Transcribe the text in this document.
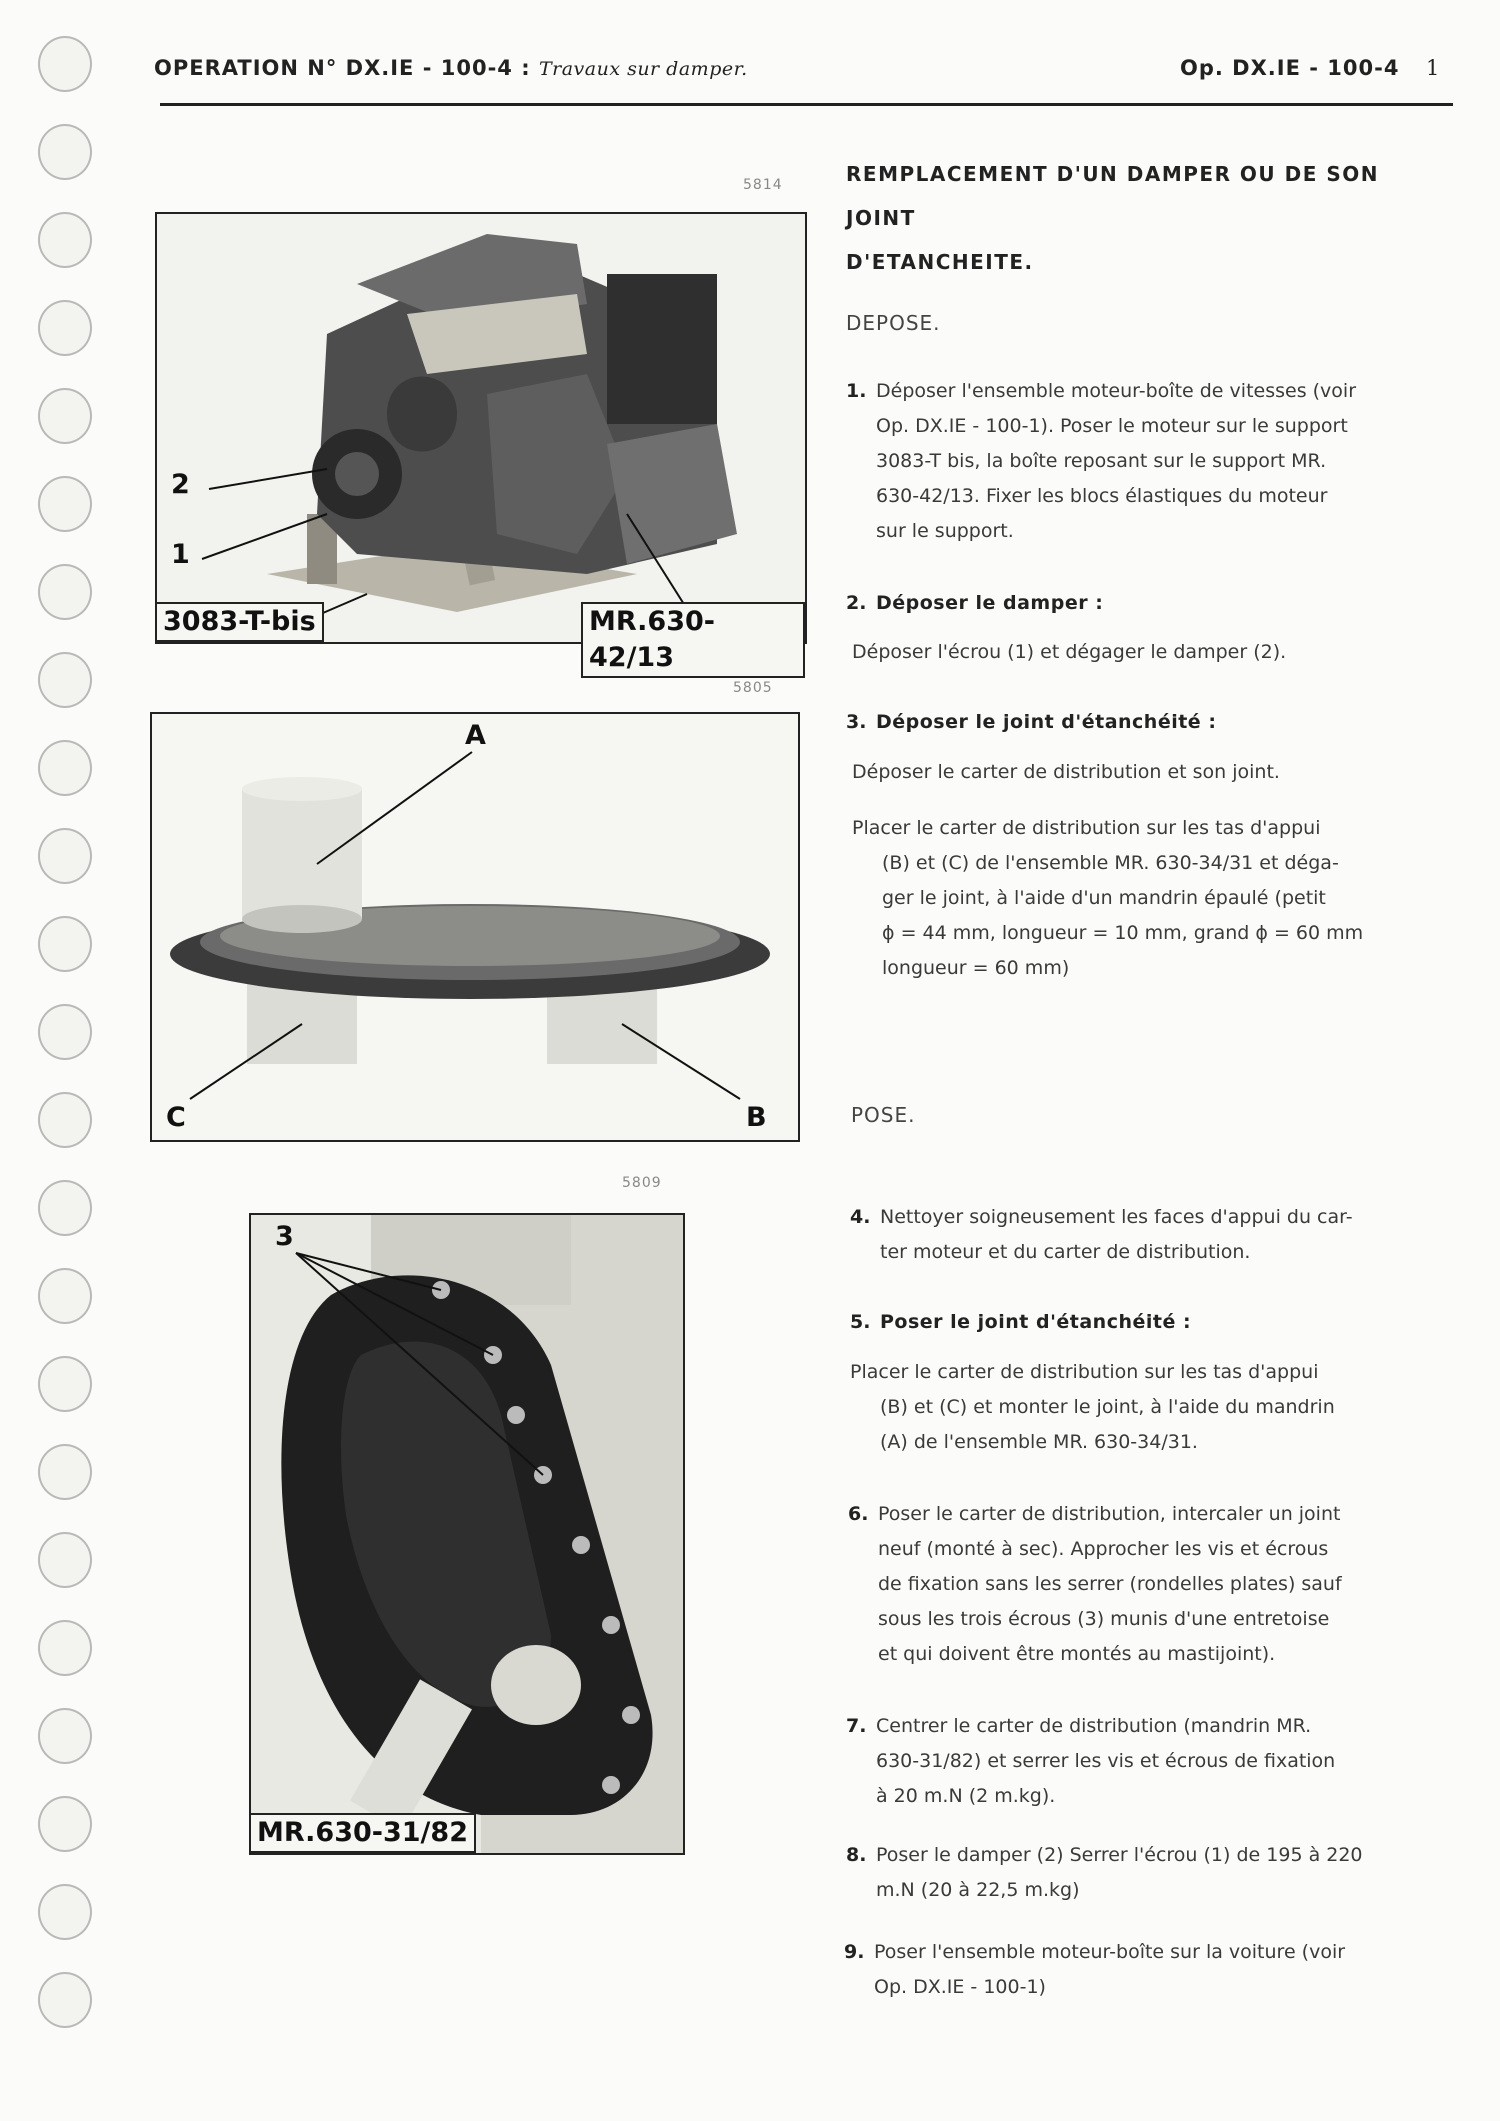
OPERATION N° DX.IE - 100-4 : Travaux sur damper.	Op. DX.IE - 100-4 1
5814
2
1
3083-T-bis	MR.630-42/13
5805
A
C	B
5809
3
MR.630-31/82
REMPLACEMENT D'UN DAMPER OU DE SON JOINT
D'ETANCHEITE.
DEPOSE.
1. Déposer l'ensemble moteur-boîte de vitesses (voir
Op. DX.IE - 100-1). Poser le moteur sur le support
3083-T bis, la boîte reposant sur le support MR.
630-42/13. Fixer les blocs élastiques du moteur
sur le support.
2. Déposer le damper :
Déposer l'écrou (1) et dégager le damper (2).
3. Déposer le joint d'étanchéité :
Déposer le carter de distribution et son joint.
Placer le carter de distribution sur les tas d'appui
(B) et (C) de l'ensemble MR. 630-34/31 et déga-
ger le joint, à l'aide d'un mandrin épaulé (petit
ϕ = 44 mm, longueur = 10 mm, grand ϕ = 60 mm
longueur = 60 mm)
POSE.
4. Nettoyer soigneusement les faces d'appui du car-
ter moteur et du carter de distribution.
5. Poser le joint d'étanchéité :
Placer le carter de distribution sur les tas d'appui
(B) et (C) et monter le joint, à l'aide du mandrin
(A) de l'ensemble MR. 630-34/31.
6. Poser le carter de distribution, intercaler un joint
neuf (monté à sec). Approcher les vis et écrous
de fixation sans les serrer (rondelles plates) sauf
sous les trois écrous (3) munis d'une entretoise
et qui doivent être montés au mastijoint).
7. Centrer le carter de distribution (mandrin MR.
630-31/82) et serrer les vis et écrous de fixation
à 20 m.N (2 m.kg).
8. Poser le damper (2) Serrer l'écrou (1) de 195 à 220
m.N (20 à 22,5 m.kg)
9. Poser l'ensemble moteur-boîte sur la voiture (voir
Op. DX.IE - 100-1)
